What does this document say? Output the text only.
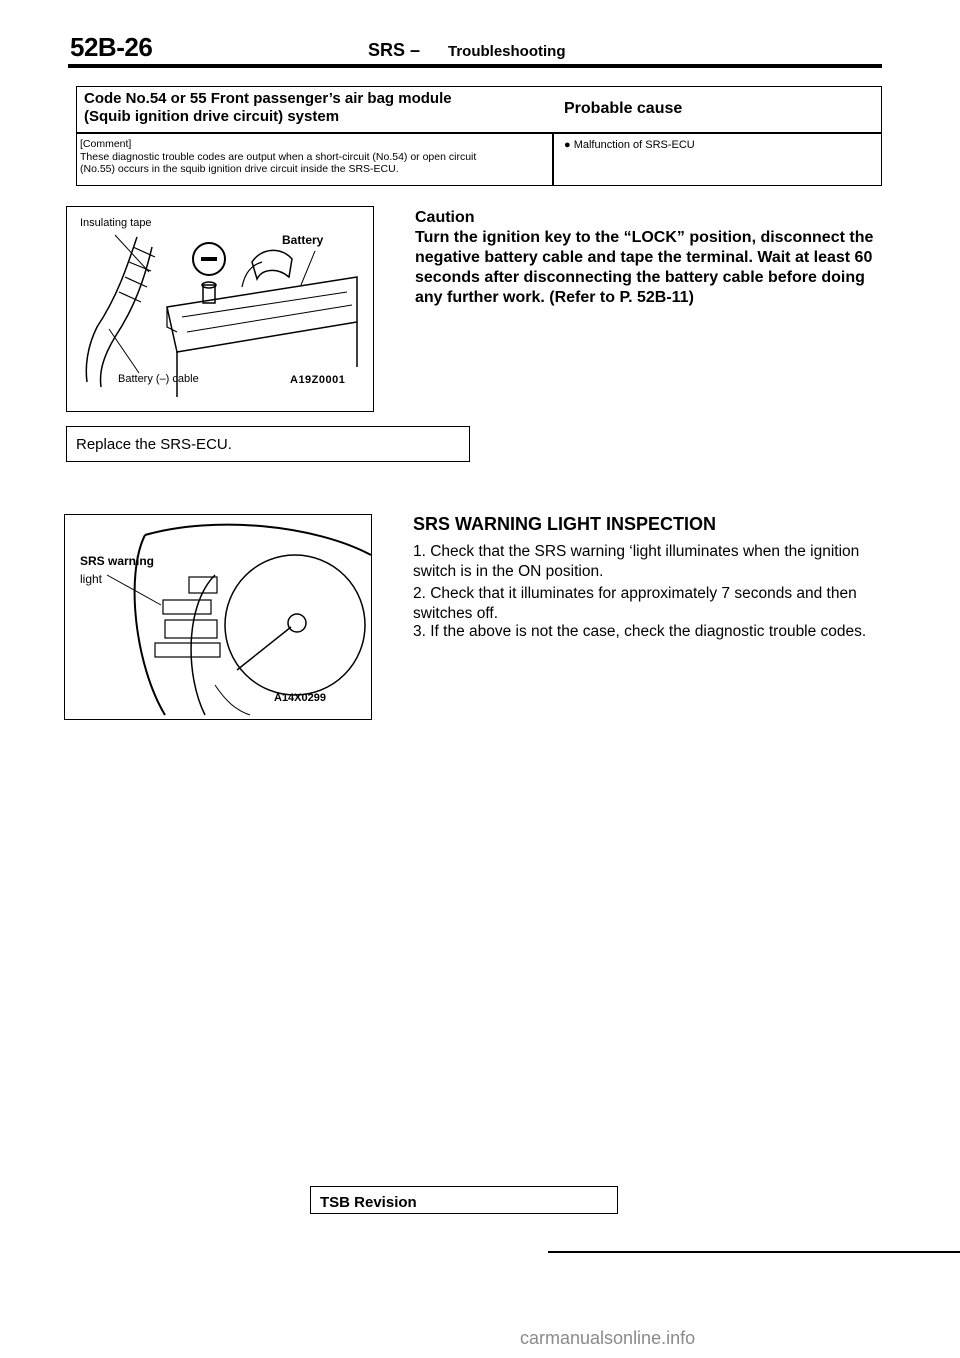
52B-26	SRS – Troubleshooting
Code No.54 or 55 Front passenger’s air bag module
(Squib ignition drive circuit) system	Probable cause
[Comment]
These diagnostic trouble codes are output when a short-circuit (No.54) or open circuit
(No.55) occurs in the squib ignition drive circuit inside the SRS-ECU.
● Malfunction of SRS-ECU
Insulating tape
Battery
Battery (–) cable	A19Z0001
Caution
Turn the ignition key to the “LOCK” position, disconnect the negative battery cable and tape the terminal. Wait at least 60 seconds after disconnecting the battery cable before doing any further work. (Refer to P. 52B-11)
Replace the SRS-ECU.
SRS warning
light
A14X0299
SRS WARNING LIGHT INSPECTION
1. Check that the SRS warning ‘light illuminates when the ignition switch is in the ON position.
2. Check that it illuminates for approximately 7 seconds and then switches off.
3. If the above is not the case, check the diagnostic trouble codes.
TSB Revision
carmanualsonline.info
